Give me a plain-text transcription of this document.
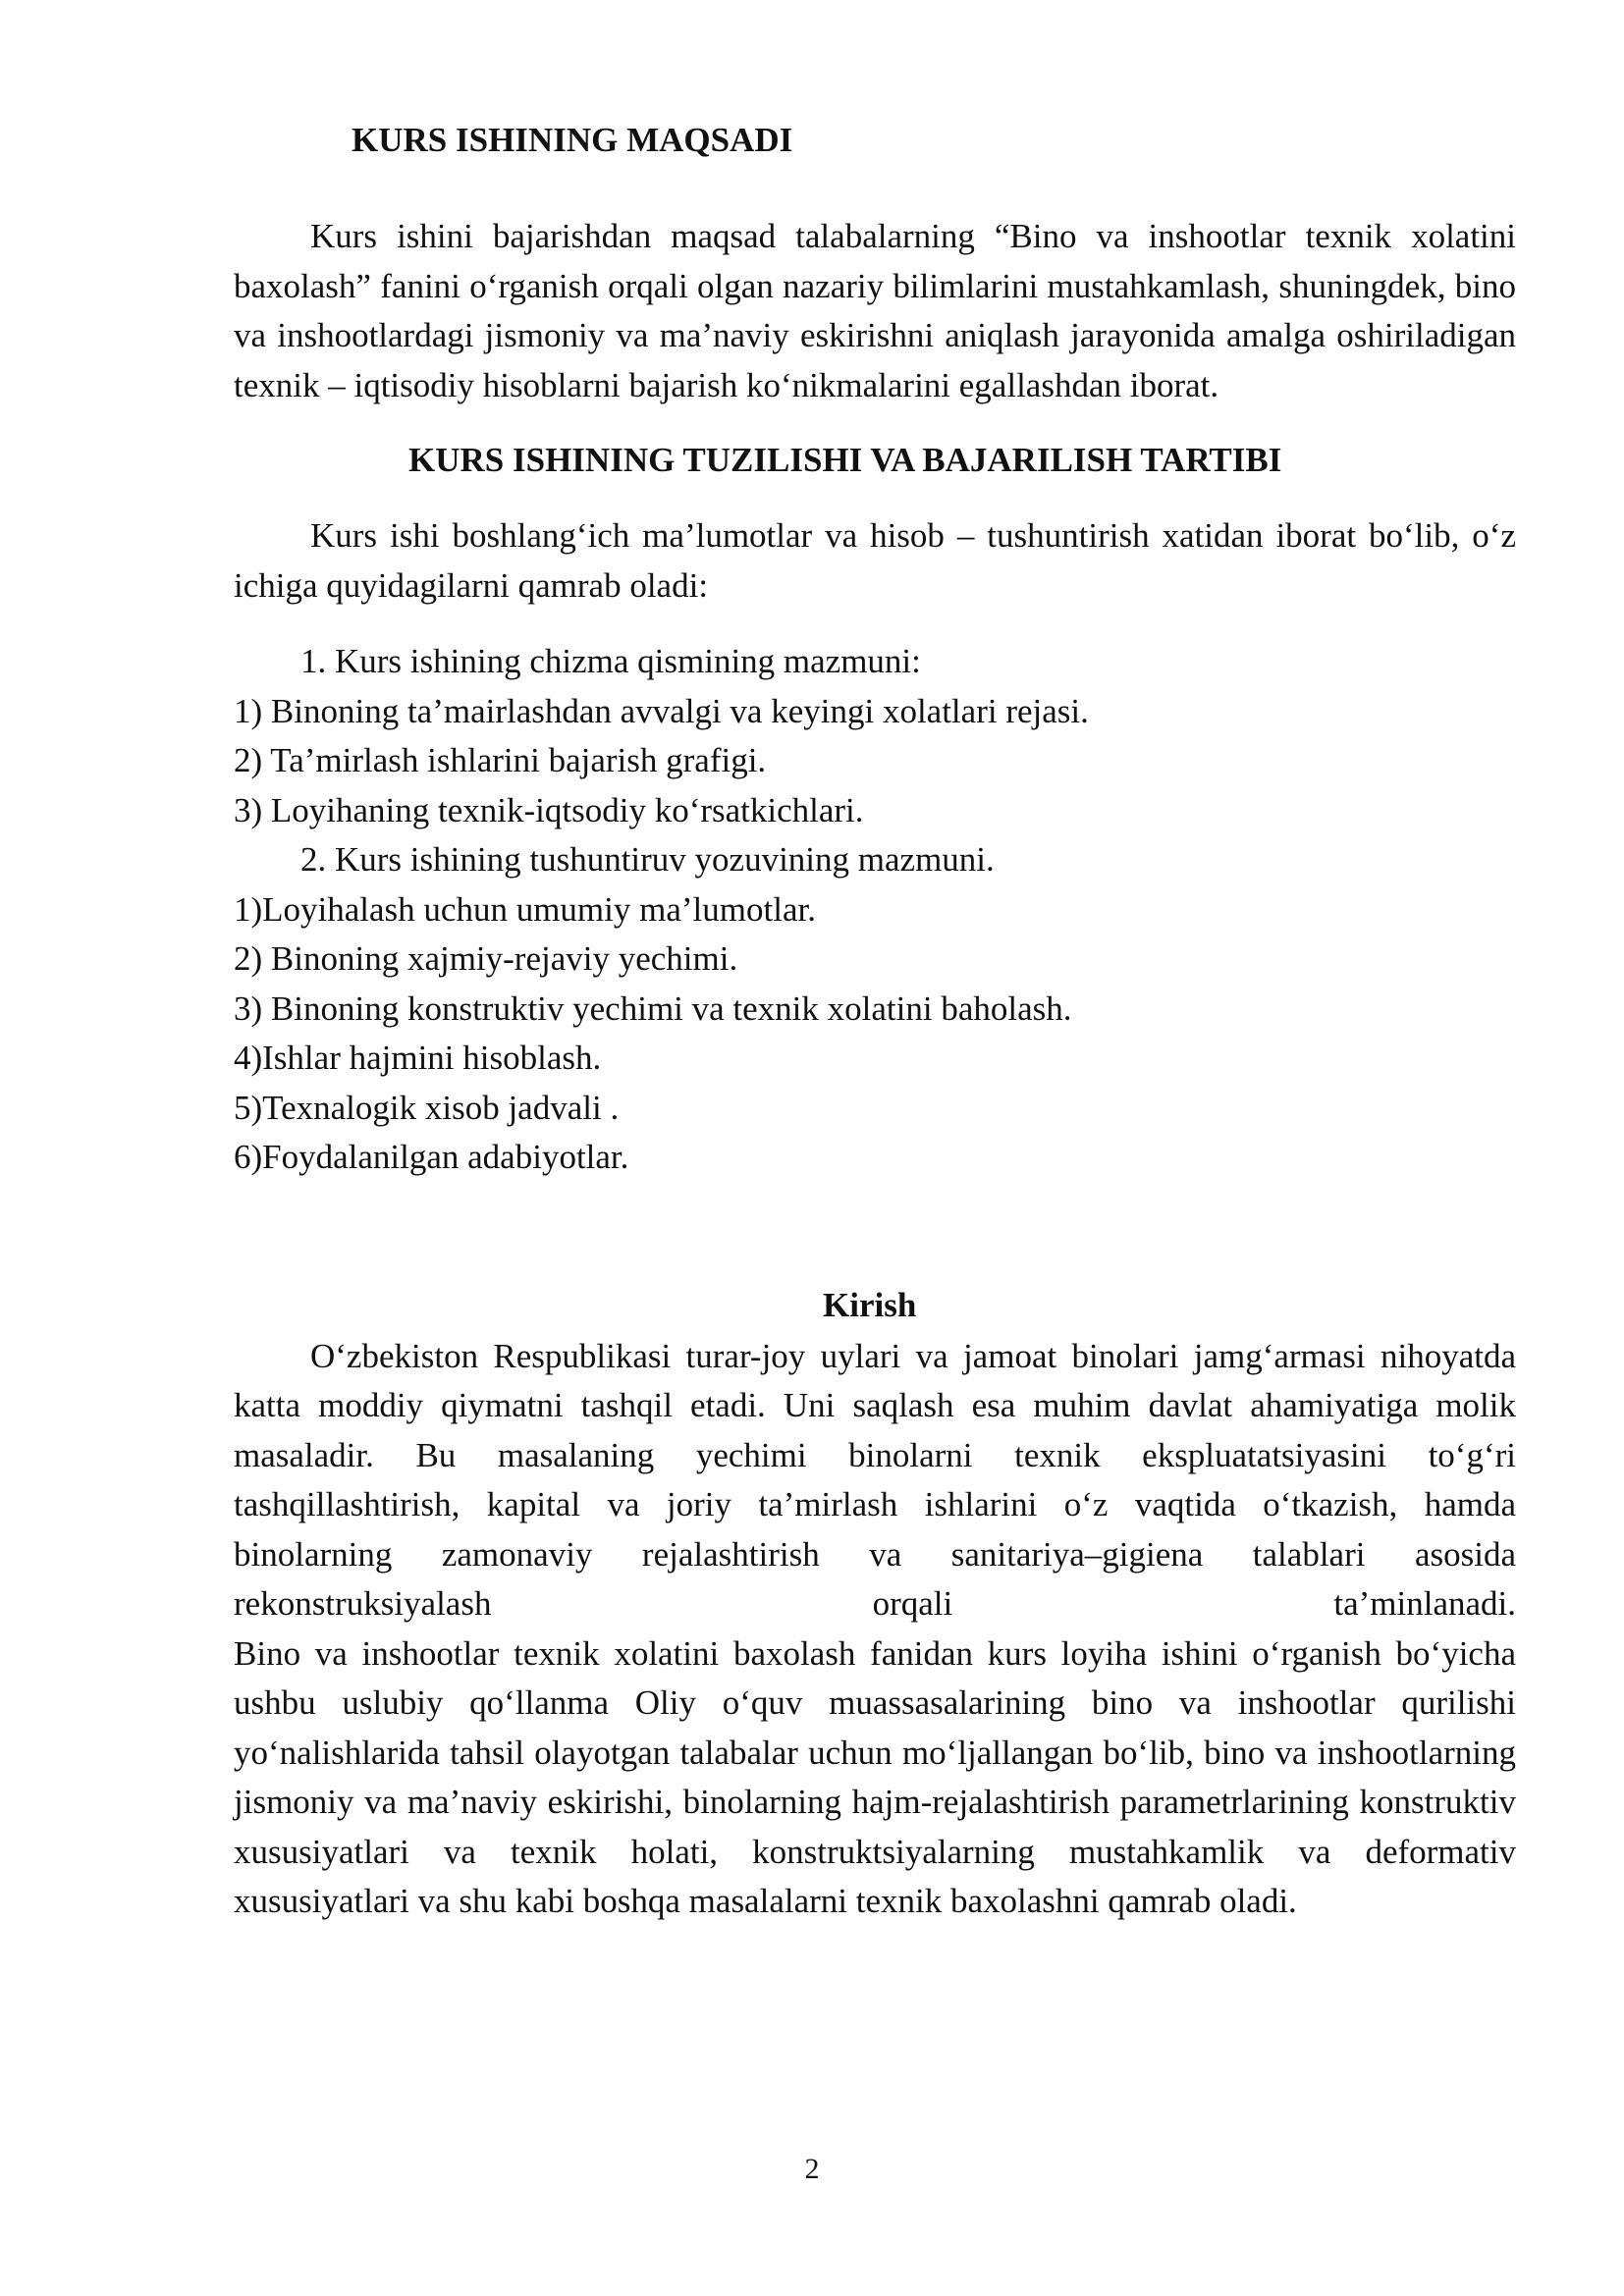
KURS ISHINING MAQSADI

Kurs ishini bajarishdan maqsad talabalarning “Bino va inshootlar texnik xolatini baxolash” fanini o‘rganish orqali olgan nazariy bilimlarini mustahkamlash, shuningdek, bino va inshootlardagi jismoniy va ma’naviy eskirishni aniqlash jarayonida amalga oshiriladigan texnik – iqtisodiy hisoblarni bajarish ko‘nikmalarini egallashdan iborat.

KURS ISHINING TUZILISHI VA BAJARILISH TARTIBI

Kurs ishi boshlang‘ich ma’lumotlar va hisob – tushuntirish xatidan iborat bo‘lib, o‘z ichiga quyidagilarni qamrab oladi:

1. Kurs ishining chizma qismining mazmuni:

1) Binoning ta’mairlashdan avvalgi va keyingi xolatlari rejasi.

2) Ta’mirlash ishlarini bajarish grafigi.

3) Loyihaning texnik-iqtsodiy ko‘rsatkichlari.

2. Kurs ishining tushuntiruv yozuvining mazmuni.

1)Loyihalash uchun umumiy ma’lumotlar.

2) Binoning xajmiy-rejaviy yechimi.

3) Binoning konstruktiv yechimi va texnik xolatini baholash.

4)Ishlar hajmini hisoblash.

5)Texnalogik xisob jadvali .

6)Foydalanilgan adabiyotlar.

Kirish

O‘zbekiston Respublikasi turar-joy uylari va jamoat binolari jamg‘armasi nihoyatda katta moddiy qiymatni tashqil etadi. Uni saqlash esa muhim davlat ahamiyatiga molik masaladir. Bu masalaning yechimi binolarni texnik ekspluatatsiyasini to‘g‘ri tashqillashtirish, kapital va joriy ta’mirlash ishlarini o‘z vaqtida o‘tkazish, hamda binolarning zamonaviy rejalashtirish va sanitariya–gigiena talablari asosida rekonstruksiyalash orqali ta’minlanadi.

Bino va inshootlar texnik xolatini baxolash fanidan kurs loyiha ishini o‘rganish bo‘yicha ushbu uslubiy qo‘llanma Oliy o‘quv muassasalarining bino va inshootlar qurilishi yo‘nalishlarida tahsil olayotgan talabalar uchun mo‘ljallangan bo‘lib, bino va inshootlarning jismoniy va ma’naviy eskirishi, binolarning hajm-rejalashtirish parametrlarining konstruktiv xususiyatlari va texnik holati, konstruktsiyalarning mustahkamlik va deformativ xususiyatlari va shu kabi boshqa masalalarni texnik baxolashni qamrab oladi.

2
